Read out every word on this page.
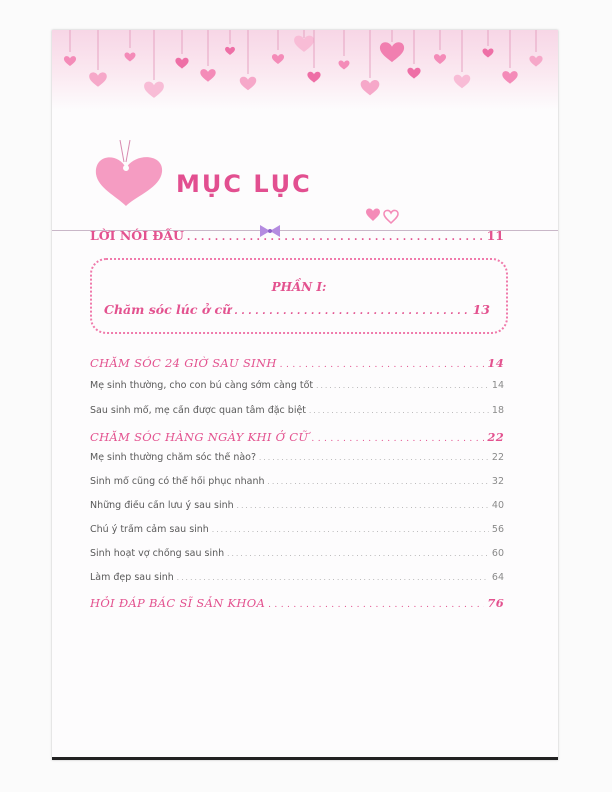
MỤC LỤC
LỜI NÓI ĐẦU . . .	11
PHẦN I:
Chăm sóc lúc ở cữ . . .	13
CHĂM SÓC 24 GIỜ SAU SINH . . .	14
Mẹ sinh thường, cho con bú càng sớm càng tốt . . .	14
Sau sinh mổ, mẹ cần được quan tâm đặc biệt . . .	18
CHĂM SÓC HÀNG NGÀY KHI Ở CỮ . . .	22
Mẹ sinh thường chăm sóc thế nào? . . .	22
Sinh mổ cũng có thể hồi phục nhanh . . .	32
Những điều cần lưu ý sau sinh . . .	40
Chú ý trầm cảm sau sinh . . .	56
Sinh hoạt vợ chồng sau sinh . . .	60
Làm đẹp sau sinh . . .	64
HỎI ĐÁP BÁC SĨ SẢN KHOA . . .	76
